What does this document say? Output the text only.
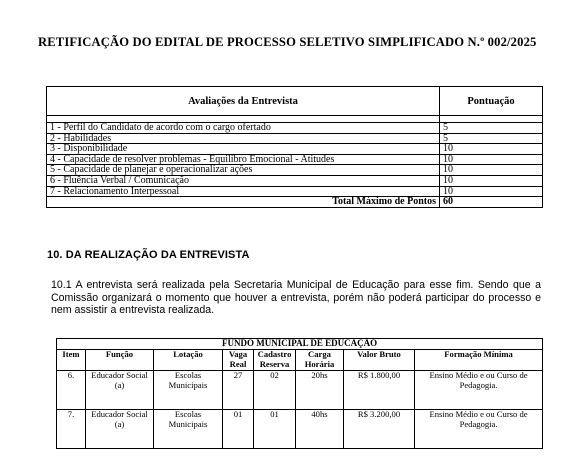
RETIFICAÇÃO DO EDITAL DE PROCESSO SELETIVO SIMPLIFICADO N.º 002/2025
Avaliações da Entrevista	Pontuação

1 - Perfil do Candidato de acordo com o cargo ofertado	5
2 - Habilidades	5
3 - Disponibilidade	10
4 - Capacidade de resolver problemas - Equilibro Emocional - Atitudes	10
5 - Capacidade de planejar e operacionalizar ações	10
6 - Fluência Verbal / Comunicação	10
7 - Relacionamento Interpessoal	10
Total Máximo de Pontos	60
10. DA REALIZAÇÃO DA ENTREVISTA

10.1 A entrevista será realizada pela Secretaria Municipal de Educação para esse fim. Sendo que a Comissão organizará o momento que houver a entrevista, porém não poderá participar do processo e nem assistir a entrevista realizada.

FUNDO MUNICIPAL DE EDUCAÇÃO							
Item	Função	Lotação	Vaga Real	Cadastro Reserva	Carga Horária	Valor Bruto	Formação Mínima
6.	Educador Social (a)	Escolas Municipais	27	02	20hs	R$ 1.800,00	Ensino Médio e ou Curso de Pedagogia.
7.	Educador Social (a)	Escolas Municipais	01	01	40hs	R$ 3.200,00	Ensino Médio e ou Curso de Pedagogia.
